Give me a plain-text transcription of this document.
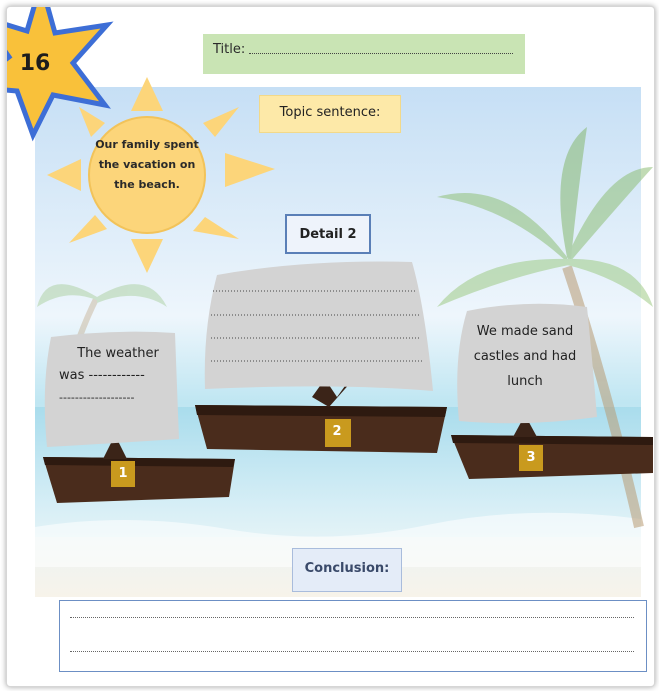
16
Title:
Topic sentence:
Our family spent
the vacation on
the beach.
Detail 2
The weather
was ------------
-------------------
We made sand
castles and had
lunch
1
2
3
Conclusion:
